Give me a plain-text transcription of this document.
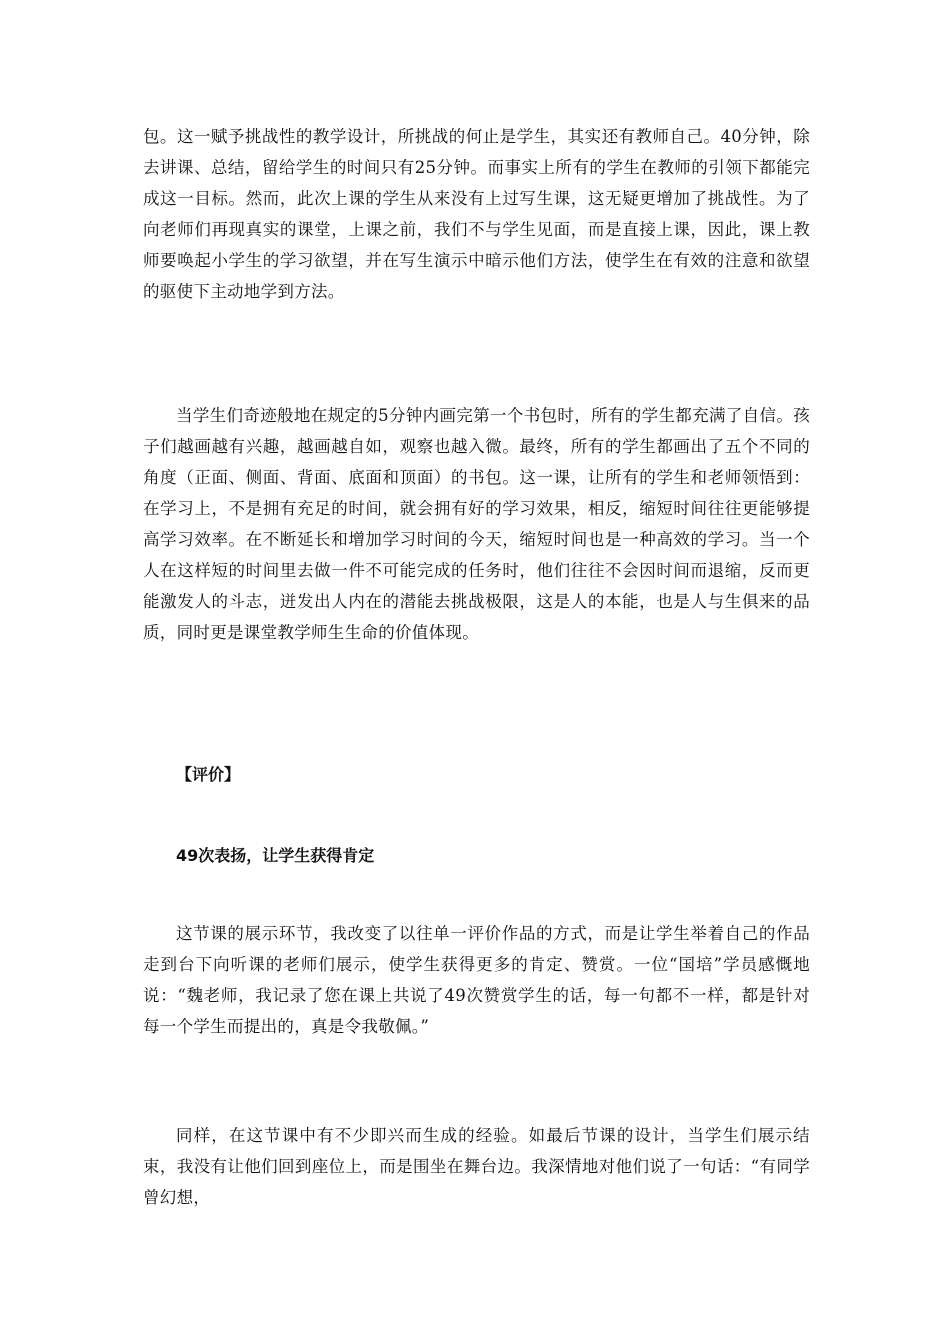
包。这一赋予挑战性的教学设计，所挑战的何止是学生，其实还有教师自己。40分钟，除去讲课、总结，留给学生的时间只有25分钟。而事实上所有的学生在教师的引领下都能完成这一目标。然而，此次上课的学生从来没有上过写生课，这无疑更增加了挑战性。为了向老师们再现真实的课堂，上课之前，我们不与学生见面，而是直接上课，因此，课上教师要唤起小学生的学习欲望，并在写生演示中暗示他们方法，使学生在有效的注意和欲望的驱使下主动地学到方法。

当学生们奇迹般地在规定的5分钟内画完第一个书包时，所有的学生都充满了自信。孩子们越画越有兴趣，越画越自如，观察也越入微。最终，所有的学生都画出了五个不同的角度（正面、侧面、背面、底面和顶面）的书包。这一课，让所有的学生和老师领悟到：在学习上，不是拥有充足的时间，就会拥有好的学习效果，相反，缩短时间往往更能够提高学习效率。在不断延长和增加学习时间的今天，缩短时间也是一种高效的学习。当一个人在这样短的时间里去做一件不可能完成的任务时，他们往往不会因时间而退缩，反而更能激发人的斗志，迸发出人内在的潜能去挑战极限，这是人的本能，也是人与生俱来的品质，同时更是课堂教学师生生命的价值体现。

【评价】

49次表扬，让学生获得肯定

这节课的展示环节，我改变了以往单一评价作品的方式，而是让学生举着自己的作品走到台下向听课的老师们展示，使学生获得更多的肯定、赞赏。一位“国培”学员感慨地说：“魏老师，我记录了您在课上共说了49次赞赏学生的话，每一句都不一样，都是针对每一个学生而提出的，真是令我敬佩。”

同样，在这节课中有不少即兴而生成的经验。如最后节课的设计，当学生们展示结束，我没有让他们回到座位上，而是围坐在舞台边。我深情地对他们说了一句话：“有同学曾幻想，
